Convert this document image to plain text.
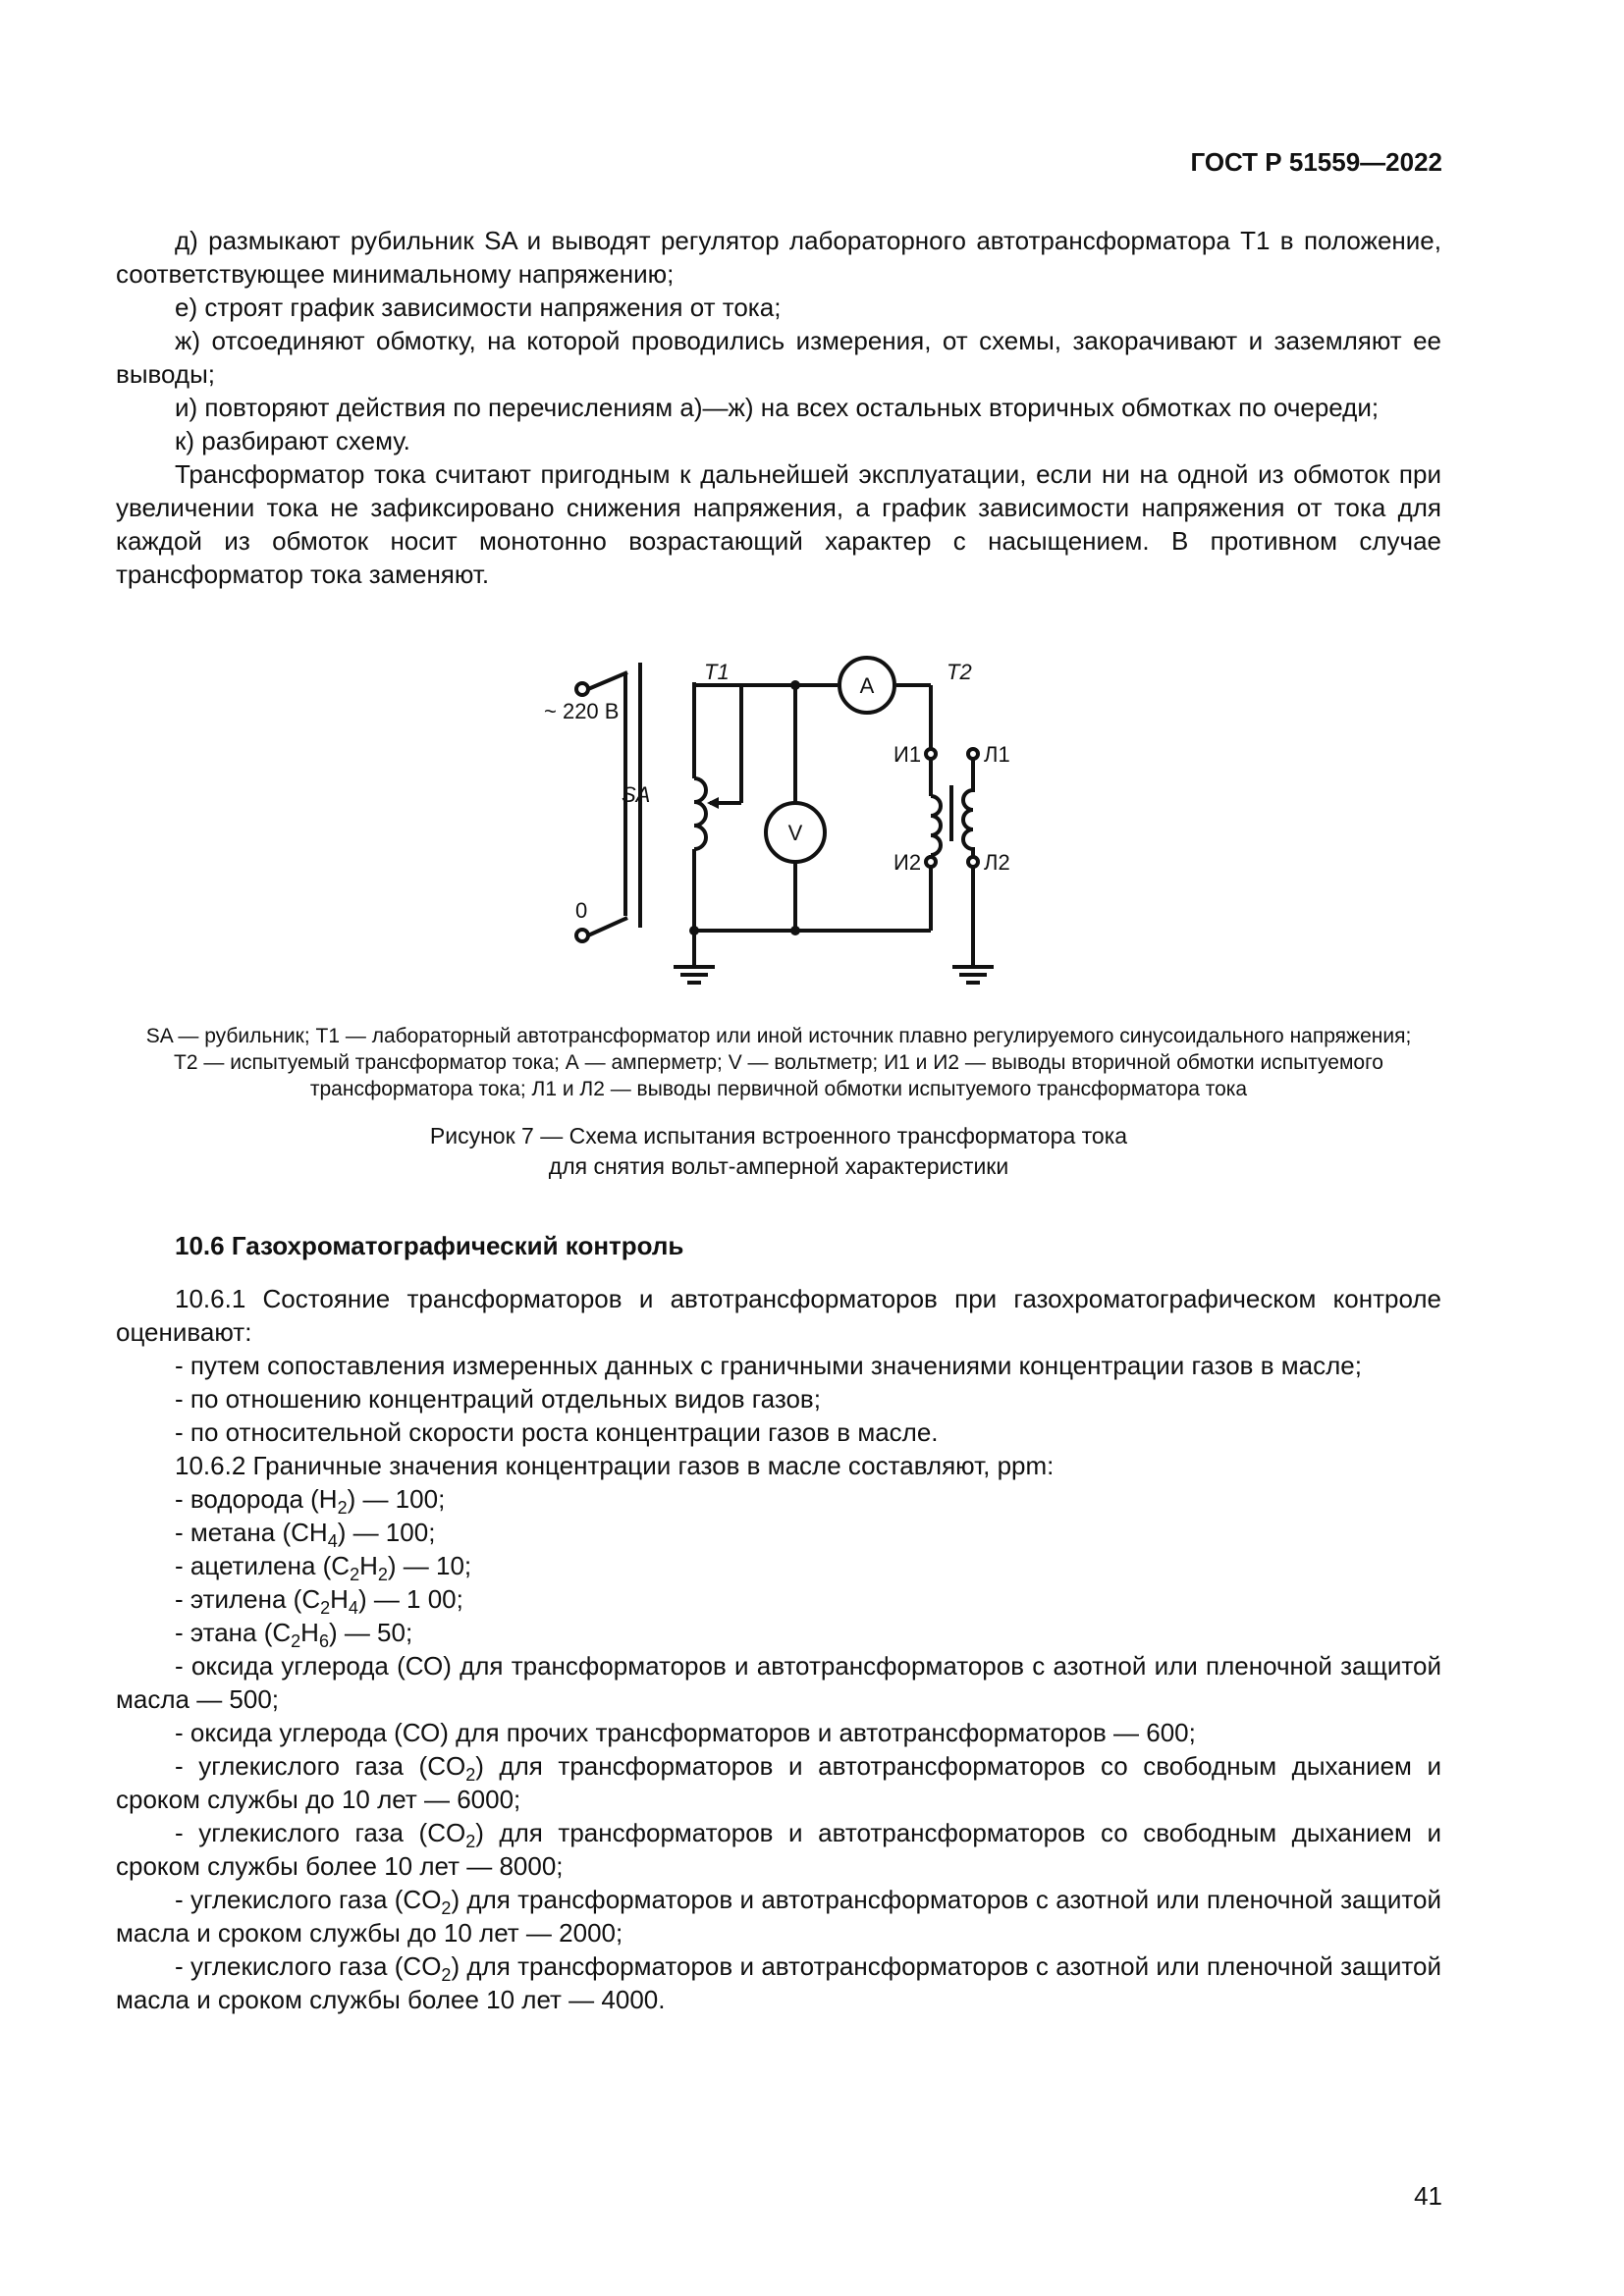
ГОСТ Р 51559—2022

д) размыкают рубильник SA и выводят регулятор лабораторного автотрансформатора T1 в положение, соответствующее минимальному напряжению;

е) строят график зависимости напряжения от тока;

ж) отсоединяют обмотку, на которой проводились измерения, от схемы, закорачивают и заземляют ее выводы;

и) повторяют действия по перечислениям а)—ж) на всех остальных вторичных обмотках по очереди;

к) разбирают схему.

Трансформатор тока считают пригодным к дальнейшей эксплуатации, если ни на одной из обмоток при увеличении тока не зафиксировано снижения напряжения, а график зависимости напряжения от тока для каждой из обмоток носит монотонно возрастающий характер с насыщением. В противном случае трансформатор тока заменяют.

~ 220 В
0
SA
T1	T2
A
V
И1
И2
Л1
Л2
SA — рубильник; T1 — лабораторный автотрансформатор или иной источник плавно регулируемого синусоидального напряжения;
Т2 — испытуемый трансформатор тока; А — амперметр; V — вольтметр; И1 и И2 — выводы вторичной обмотки испытуемого
трансформатора тока; Л1 и Л2 — выводы первичной обмотки испытуемого трансформатора тока
Рисунок 7 — Схема испытания встроенного трансформатора тока
для снятия вольт-амперной характеристики
10.6 Газохроматографический контроль

10.6.1 Состояние трансформаторов и автотрансформаторов при газохроматографическом контроле оценивают:

- путем сопоставления измеренных данных с граничными значениями концентрации газов в масле;

- по отношению концентраций отдельных видов газов;

- по относительной скорости роста концентрации газов в масле.

10.6.2 Граничные значения концентрации газов в масле составляют, ppm:

- водорода $(H_2)$ — 100;

- метана $(CH_4)$ — 100;

- ацетилена $(C_2H_2)$ — 10;

- этилена $(C_2H_4)$ — 1 00;

- этана $(C_2H_6)$ — 50;

- оксида углерода (СО) для трансформаторов и автотрансформаторов с азотной или пленочной защитой масла — 500;

- оксида углерода (СО) для прочих трансформаторов и автотрансформаторов — 600;

- углекислого газа $(CO_2)$ для трансформаторов и автотрансформаторов со свободным дыханием и сроком службы до 10 лет — 6000;

- углекислого газа $(CO_2)$ для трансформаторов и автотрансформаторов со свободным дыханием и сроком службы более 10 лет — 8000;

- углекислого газа $(CO_2)$ для трансформаторов и автотрансформаторов с азотной или пленочной защитой масла и сроком службы до 10 лет — 2000;

- углекислого газа $(CO_2)$ для трансформаторов и автотрансформаторов с азотной или пленочной защитой масла и сроком службы более 10 лет — 4000.

41
